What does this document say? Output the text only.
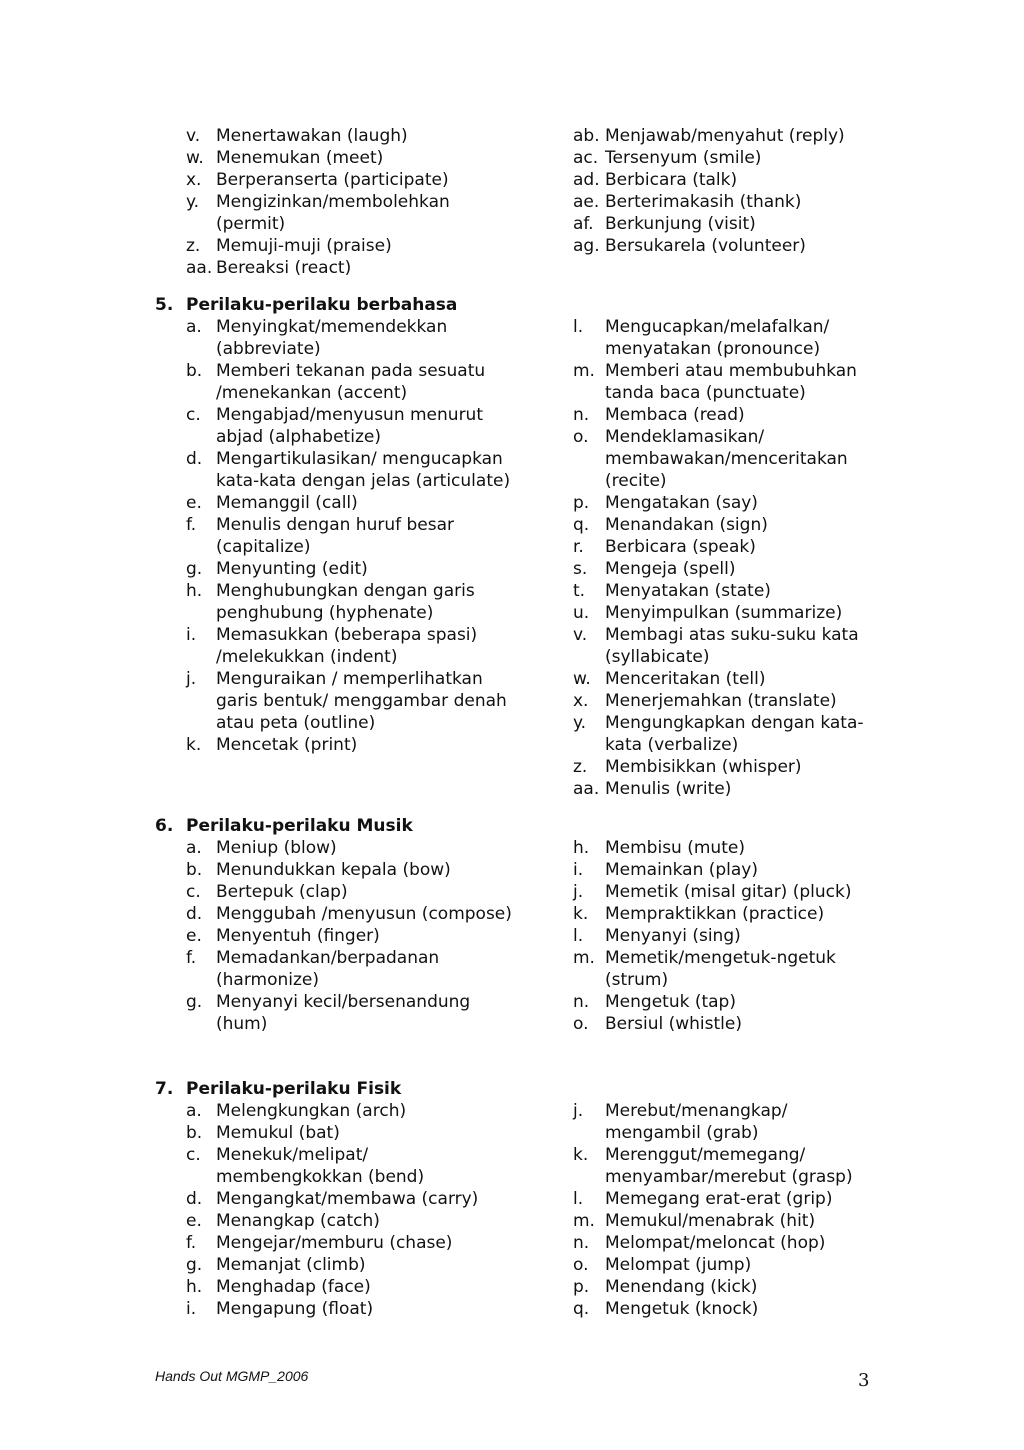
v. Menertawakan (laugh)
w. Menemukan (meet)
x. Berperanserta (participate)
y. Mengizinkan/membolehkan (permit)
z. Memuji-muji (praise)
aa. Bereaksi (react)
ab. Menjawab/menyahut (reply)
ac. Tersenyum (smile)
ad. Berbicara (talk)
ae. Berterimakasih (thank)
af. Berkunjung (visit)
ag. Bersukarela (volunteer)
5. Perilaku-perilaku berbahasa
a. Menyingkat/memendekkan (abbreviate)
b. Memberi tekanan pada sesuatu /menekankan (accent)
c. Mengabjad/menyusun menurut abjad (alphabetize)
d. Mengartikulasikan/ mengucapkan kata-kata dengan jelas (articulate)
e. Memanggil (call)
f.	Menulis dengan huruf besar (capitalize)
g. Menyunting (edit)
h. Menghubungkan dengan garis penghubung (hyphenate)
i.	Memasukkan (beberapa spasi) /melekukkan (indent)
j.	Menguraikan / memperlihatkan garis bentuk/ menggambar denah atau peta (outline)
k. Mencetak (print)
l.	Mengucapkan/melafalkan/ menyatakan (pronounce)
m. Memberi atau membubuhkan tanda baca (punctuate)
n. Membaca (read)
o. Mendeklamasikan/ membawakan/menceritakan (recite)
p. Mengatakan (say)
q. Menandakan (sign)
r.	Berbicara (speak)
s.	Mengeja (spell)
t.	Menyatakan (state)
u. Menyimpulkan (summarize)
v.	Membagi atas suku-suku kata (syllabicate)
w. Menceritakan (tell)
x. Menerjemahkan (translate)
y.	Mengungkapkan dengan kata-kata (verbalize)
z.	Membisikkan (whisper)
aa. Menulis (write)
6. Perilaku-perilaku Musik
a. Meniup (blow)
b. Menundukkan kepala (bow)
c. Bertepuk (clap)
d. Menggubah /menyusun (compose)
e. Menyentuh (finger)
f.	Memadankan/berpadanan (harmonize)
g. Menyanyi kecil/bersenandung (hum)
h. Membisu (mute)
i.	Memainkan (play)
j.	Memetik (misal gitar) (pluck)
k. Mempraktikkan (practice)
l.	Menyanyi (sing)
m. Memetik/mengetuk-ngetuk (strum)
n. Mengetuk (tap)
o. Bersiul (whistle)
7. Perilaku-perilaku Fisik
a. Melengkungkan (arch)
b. Memukul (bat)
c. Menekuk/melipat/ membengkokkan (bend)
d. Mengangkat/membawa (carry)
e. Menangkap (catch)
f.	Mengejar/memburu (chase)
g. Memanjat (climb)
h. Menghadap (face)
i.	Mengapung (float)
j.	Merebut/menangkap/ mengambil (grab)
k. Merenggut/memegang/ menyambar/merebut (grasp)
l.	Memegang erat-erat (grip)
m. Memukul/menabrak (hit)
n. Melompat/meloncat (hop)
o. Melompat (jump)
p. Menendang (kick)
q. Mengetuk (knock)
Hands Out MGMP_2006	3
